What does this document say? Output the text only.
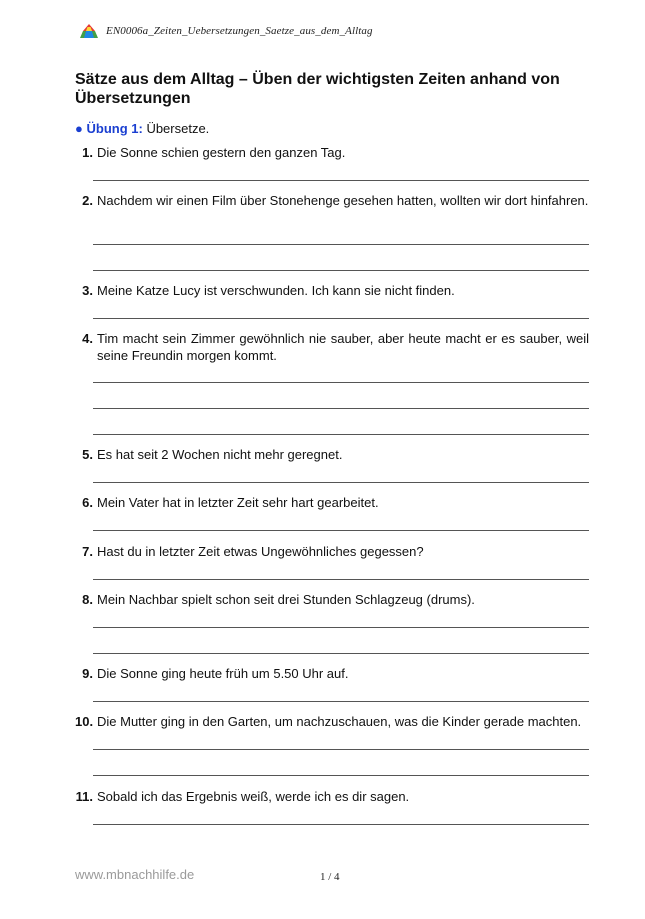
EN0006a_Zeiten_Uebersetzungen_Saetze_aus_dem_Alltag
Sätze aus dem Alltag – Üben der wichtigsten Zeiten anhand von Übersetzungen
● Übung 1: Übersetze.
1. Die Sonne schien gestern den ganzen Tag.
2. Nachdem wir einen Film über Stonehenge gesehen hatten, wollten wir dort hinfahren.
3. Meine Katze Lucy ist verschwunden. Ich kann sie nicht finden.
4. Tim macht sein Zimmer gewöhnlich nie sauber, aber heute macht er es sauber, weil seine Freundin morgen kommt.
5. Es hat seit 2 Wochen nicht mehr geregnet.
6. Mein Vater hat in letzter Zeit sehr hart gearbeitet.
7. Hast du in letzter Zeit etwas Ungewöhnliches gegessen?
8. Mein Nachbar spielt schon seit drei Stunden Schlagzeug (drums).
9. Die Sonne ging heute früh um 5.50 Uhr auf.
10. Die Mutter ging in den Garten, um nachzuschauen, was die Kinder gerade machten.
11. Sobald ich das Ergebnis weiß, werde ich es dir sagen.
www.mbnachhilfe.de	1 / 4
